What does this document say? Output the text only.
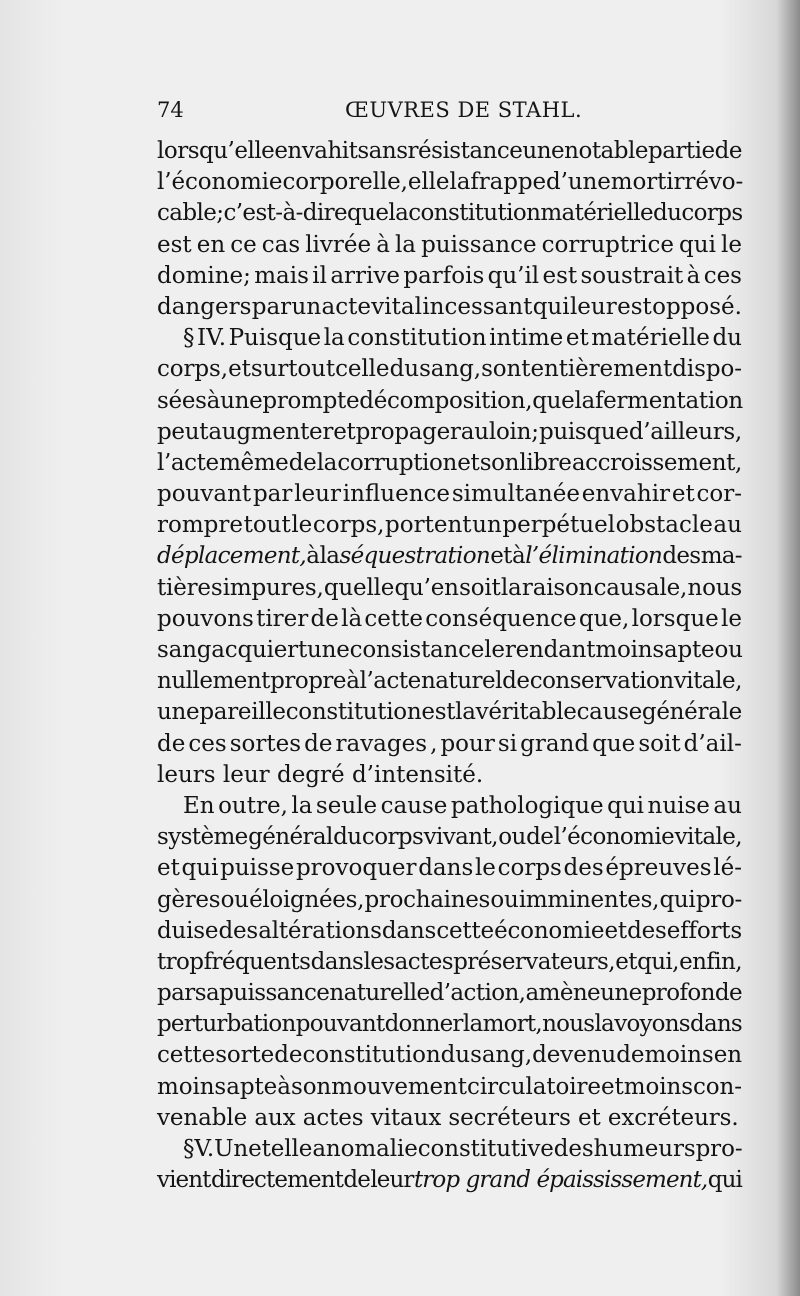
74	ŒUVRES DE STAHL.
lorsqu’elle envahit sans résistance une notable partie de
l’économie corporelle, elle la frappe d’une mort irrévo-
cable; c’est-à-dire que la constitution matérielle du corps
est en ce cas livrée à la puissance corruptrice qui le
domine; mais il arrive parfois qu’il est soustrait à ces
dangers par un acte vital incessant qui leur est opposé.
§ IV. Puisque la constitution intime et matérielle du
corps, et surtout celle du sang, sont entièrement dispo-
sées à une prompte décomposition , que la fermentation
peut augmenter et propager au loin ; puisque d’ailleurs,
l’acte même de la corruption et son libre accroissement,
pouvant par leur influence simultanée envahir et cor-
rompre tout le corps, portent un perpétuel obstacle au
déplacement, à la séquestration et à l’élimination des ma-
tières impures, quelle qu’en soit la raison causale, nous
pouvons tirer de là cette conséquence que, lorsque le
sang acquiert une consistance le rendant moins apte ou
nullement propre à l’acte naturel de conservation vitale,
une pareille constitution est la véritable cause générale
de ces sortes de ravages , pour si grand que soit d’ail-
leurs leur degré d’intensité.
En outre, la seule cause pathologique qui nuise au
système général du corps vivant, ou de l’économie vitale,
et qui puisse provoquer dans le corps des épreuves lé-
gères ou éloignées, prochaines ou imminentes, qui pro-
duise des altérations dans cette économie et des efforts
trop fréquents dans les actes préservateurs, et qui, enfin,
par sa puissance naturelle d’action, amène une profonde
perturbation pouvant donner la mort, nous la voyons dans
cette sorte de constitution du sang , devenu de moins en
moins apte à son mouvement circulatoire et moins con-
venable aux actes vitaux secréteurs et excréteurs.
§ V. Une telle anomalie constitutive des humeurs pro-
vient directement de leur trop grand épaississement, qui
